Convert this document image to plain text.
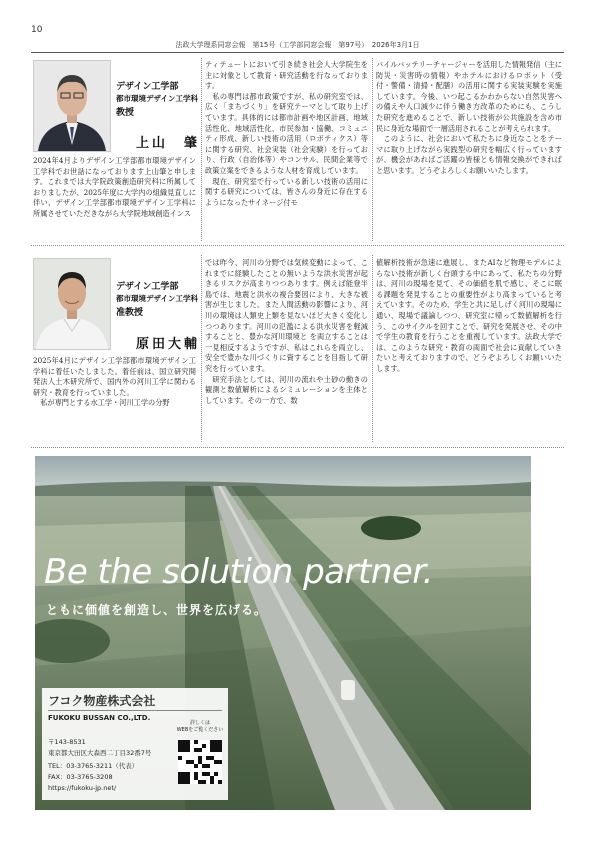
10
法政大学理系同窓会報　第15号（工学部同窓会報　第97号）　2026年3月1日
デザイン工学部
都市環境デザイン工学科
教授
上山　肇

2024年4月よりデザイン工学部都市環境デザイン工学科でお世話になっております上山肇と申します。これまでは大学院政策創造研究科に所属しておりましたが、2025年度に大学内の組織見直しに伴い、デザイン工学部都市環境デザイン工学科に所属させていただきながら大学院地域創造インス

ティテュートにおいて引き続き社会人大学院生を主に対象として教育・研究活動を行なっております。
　私の専門は都市政策ですが、私の研究室では、広く「まちづくり」を研究テーマとして取り上げています。具体的には都市計画や地区計画、地域活性化、地域活性化、市民参加・協働、コミュニティ形成、新しい技術の活用（ロボティクス）等に関する研究、社会実装（社会実験）を行っており、行政（自治体等）やコンサル、民間企業等で政策立案をできるような人材を育成しています。
　現在、研究室で行っている新しい技術の活用に関する研究については、皆さんの身近に存在するようになったサイネージ付モ

バイルバッテリーチャージャーを活用した情報発信（主に防災・災害時の情報）やホテルにおけるロボット（受付・警備・清掃・配膳）の活用に関する実装実験を実施しています。今後、いつ起こるかわからない自然災害への備えや人口減少に伴う働き方改革のためにも、こうした研究を進めることで、新しい技術が公共施設を含め市民に身近な場面で一層活用されることが考えられます。
　このように、社会において私たちに身近なことをテーマに取り上げながら実践型の研究を幅広く行っていますが、機会があればご活躍の皆様とも情報交換ができればと思います。どうぞよろしくお願いいたします。

デザイン工学部
都市環境デザイン工学科
准教授
原田大輔

2025年4月にデザイン工学部都市環境デザイン工学科に着任いたしました。着任前は、国立研究開発法人土木研究所で、国内外の河川工学に関わる研究・教育を行っていました。
　私が専門とする水工学・河川工学の分野

では昨今、河川の分野では気候変動によって、これまでに経験したことの無いような洪水災害が起きるリスクが高まりつつあります。例えば能登半島では、地震と洪水の複合要因により、大きな被害が生じました。また人間活動の影響により、河川の環境は人類史上類を見ないほど大きく変化しつつあります。河川の氾濫による洪水災害を軽減することと、豊かな河川環境と を両立することは一見相反するようですが、私はこれらを両立し、安全で豊かな川づくりに資することを目指して研究を行っています。
　研究手法としては、河川の流れや土砂の動きの観測と数値解析によるシミュレーションを主体としています。その一方で、数

値解析技術が急速に進展し、またAIなど物理モデルによらない技術が新しく台頭する中にあって、私たちの分野は、河川の現場を見て、その価値を肌で感じ、そこに眠る課題を発見することの重要性がより高まっていると考えています。そのため、学生と共に足しげく河川の現場に通い、現場で議論しつつ、研究室に帰って数値解析を行う、このサイクルを回すことで、研究を発展させ、その中で学生の教育を行うことを重視しています。法政大学では、このような研究・教育の両面で社会に貢献していきたいと考えておりますので、どうぞよろしくお願いいたします。

Be the solution partner.
ともに価値を創造し、世界を広げる。
フコク物産株式会社
FUKOKU BUSSAN CO.,LTD.
〒143-8531
東京都大田区大森西二丁目32番7号
TEL：03-3765-3211（代表）
FAX：03-3765-3208
https://fukoku-jp.net/
詳しくは
WEBをご覧ください
